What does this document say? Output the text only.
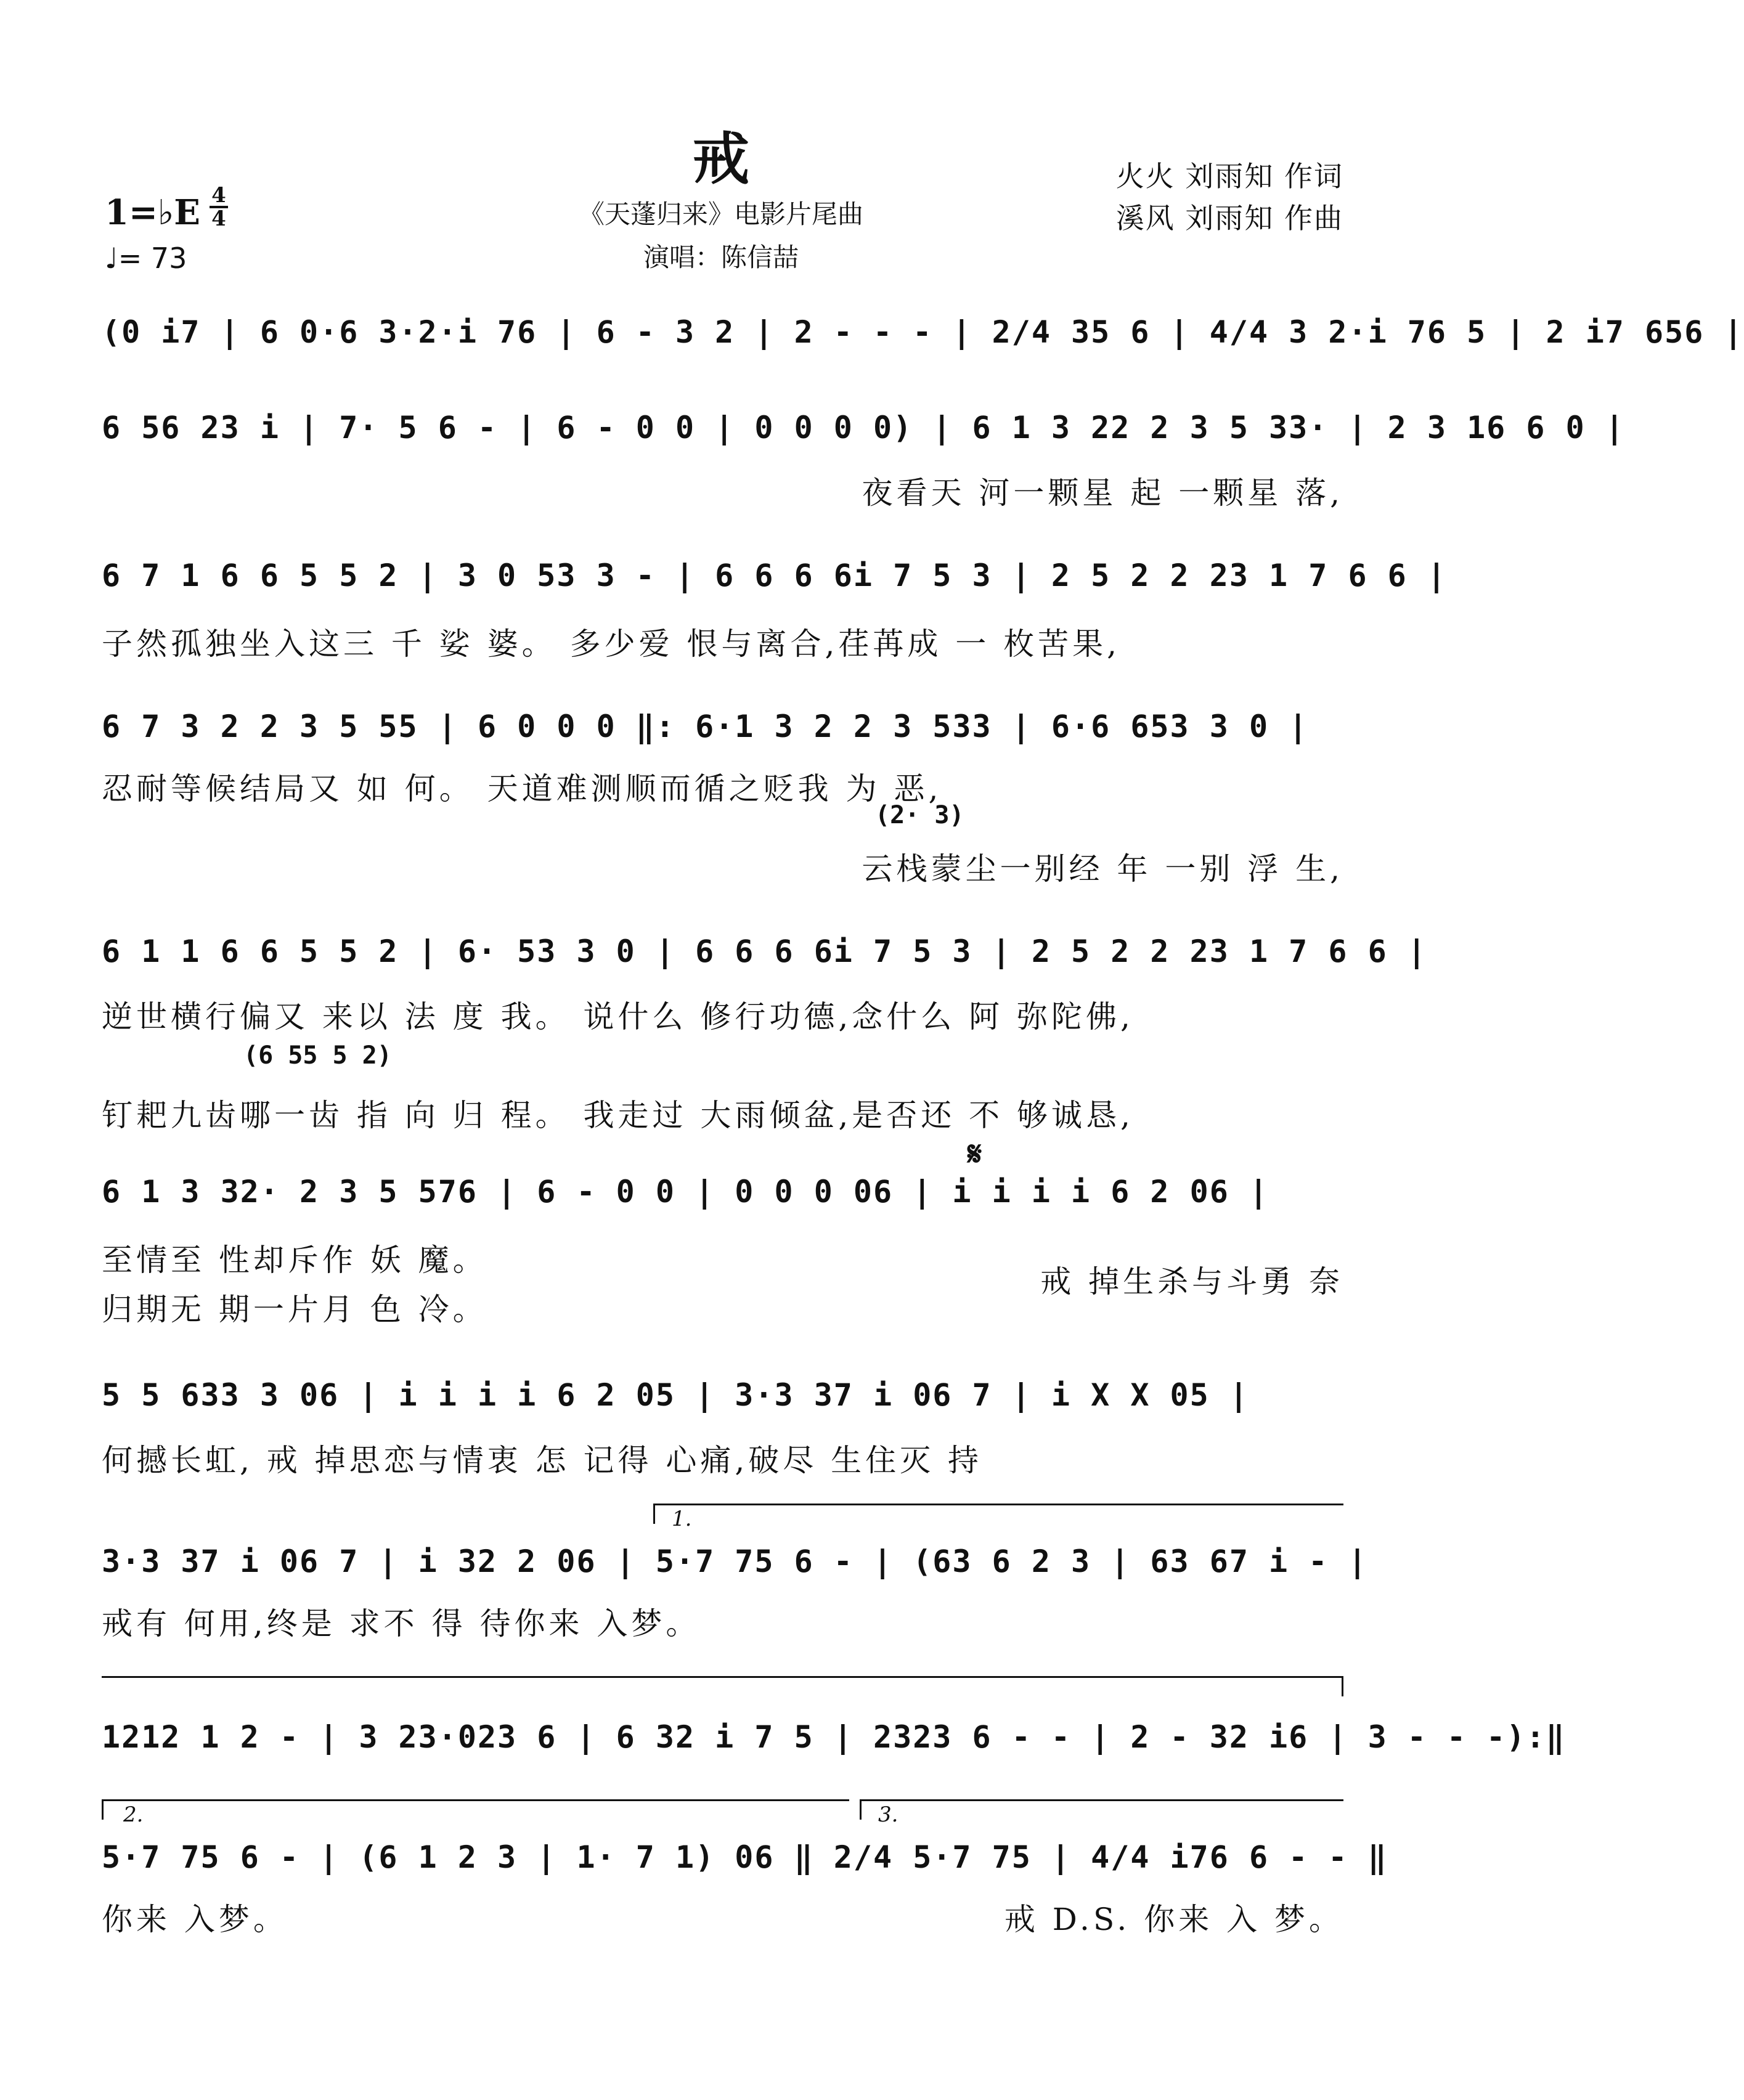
戒
《天蓬归来》电影片尾曲
演唱：陈信喆
火火 刘雨知 作词
溪风 刘雨知 作曲
1=♭E 4
4
♩= 73
(0 i7 | 6 0·6 3·2·i 76 | 6 - 3 2 | 2 - - - | 2/4 35 6 | 4/4 3 2·i 76 5 | 2 i7 656 |
6 56 23 i | 7· 5 6 - | 6 - 0 0 | 0 0 0 0) | 6 1 3 22 2 3 5 33· | 2 3 16 6 0 |
夜看天 河一颗星 起 一颗星 落,
6 7 1 6 6 5 5 2 | 3 0 53 3 - | 6 6 6 6i 7 5 3 | 2 5 2 2 23 1 7 6 6 |
子然孤独坐入这三 千 娑 婆。 多少爱 恨与离合,荏苒成 一 枚苦果,
6 7 3 2 2 3 5 55 | 6 0 0 0 ‖: 6·1 3 2 2 3 533 | 6·6 653 3 0 |
忍耐等候结局又 如 何。 天道难测顺而循之贬我 为 恶,
(2· 3)
云栈蒙尘一别经 年 一别 浮 生,
6 1 1 6 6 5 5 2 | 6· 53 3 0 | 6 6 6 6i 7 5 3 | 2 5 2 2 23 1 7 6 6 |
逆世横行偏又 来以 法 度 我。 说什么 修行功德,念什么 阿 弥陀佛,
(6 55 5 2)
钉耙九齿哪一齿 指 向 归 程。 我走过 大雨倾盆,是否还 不 够诚恳,
𝄋
6 1 3 32· 2 3 5 576 | 6 - 0 0 | 0 0 0 06 | i i i i 6 2 06 |
至情至 性却斥作 妖 魔。
戒 掉生杀与斗勇 奈
归期无 期一片月 色 冷。
5 5 633 3 06 | i i i i 6 2 05 | 3·3 37 i 06 7 | i X X 05 |
何撼长虹, 戒 掉思恋与情衷 怎 记得 心痛,破尽 生住灭 持
1.
3·3 37 i 06 7 | i 32 2 06 | 5·7 75 6 - | (63 6 2 3 | 63 67 i - |
戒有 何用,终是 求不 得 待你来 入梦。
1212 1 2 - | 3 23·023 6 | 6 32 i 7 5 | 2323 6 - - | 2 - 32 i6 | 3 - - -):‖
2.	3.
5·7 75 6 - | (6 1 2 3 | 1· 7 1) 06 ‖ 2/4 5·7 75 | 4/4 i76 6 - - ‖
你来 入梦。	戒 D.S. 你来 入 梦。
